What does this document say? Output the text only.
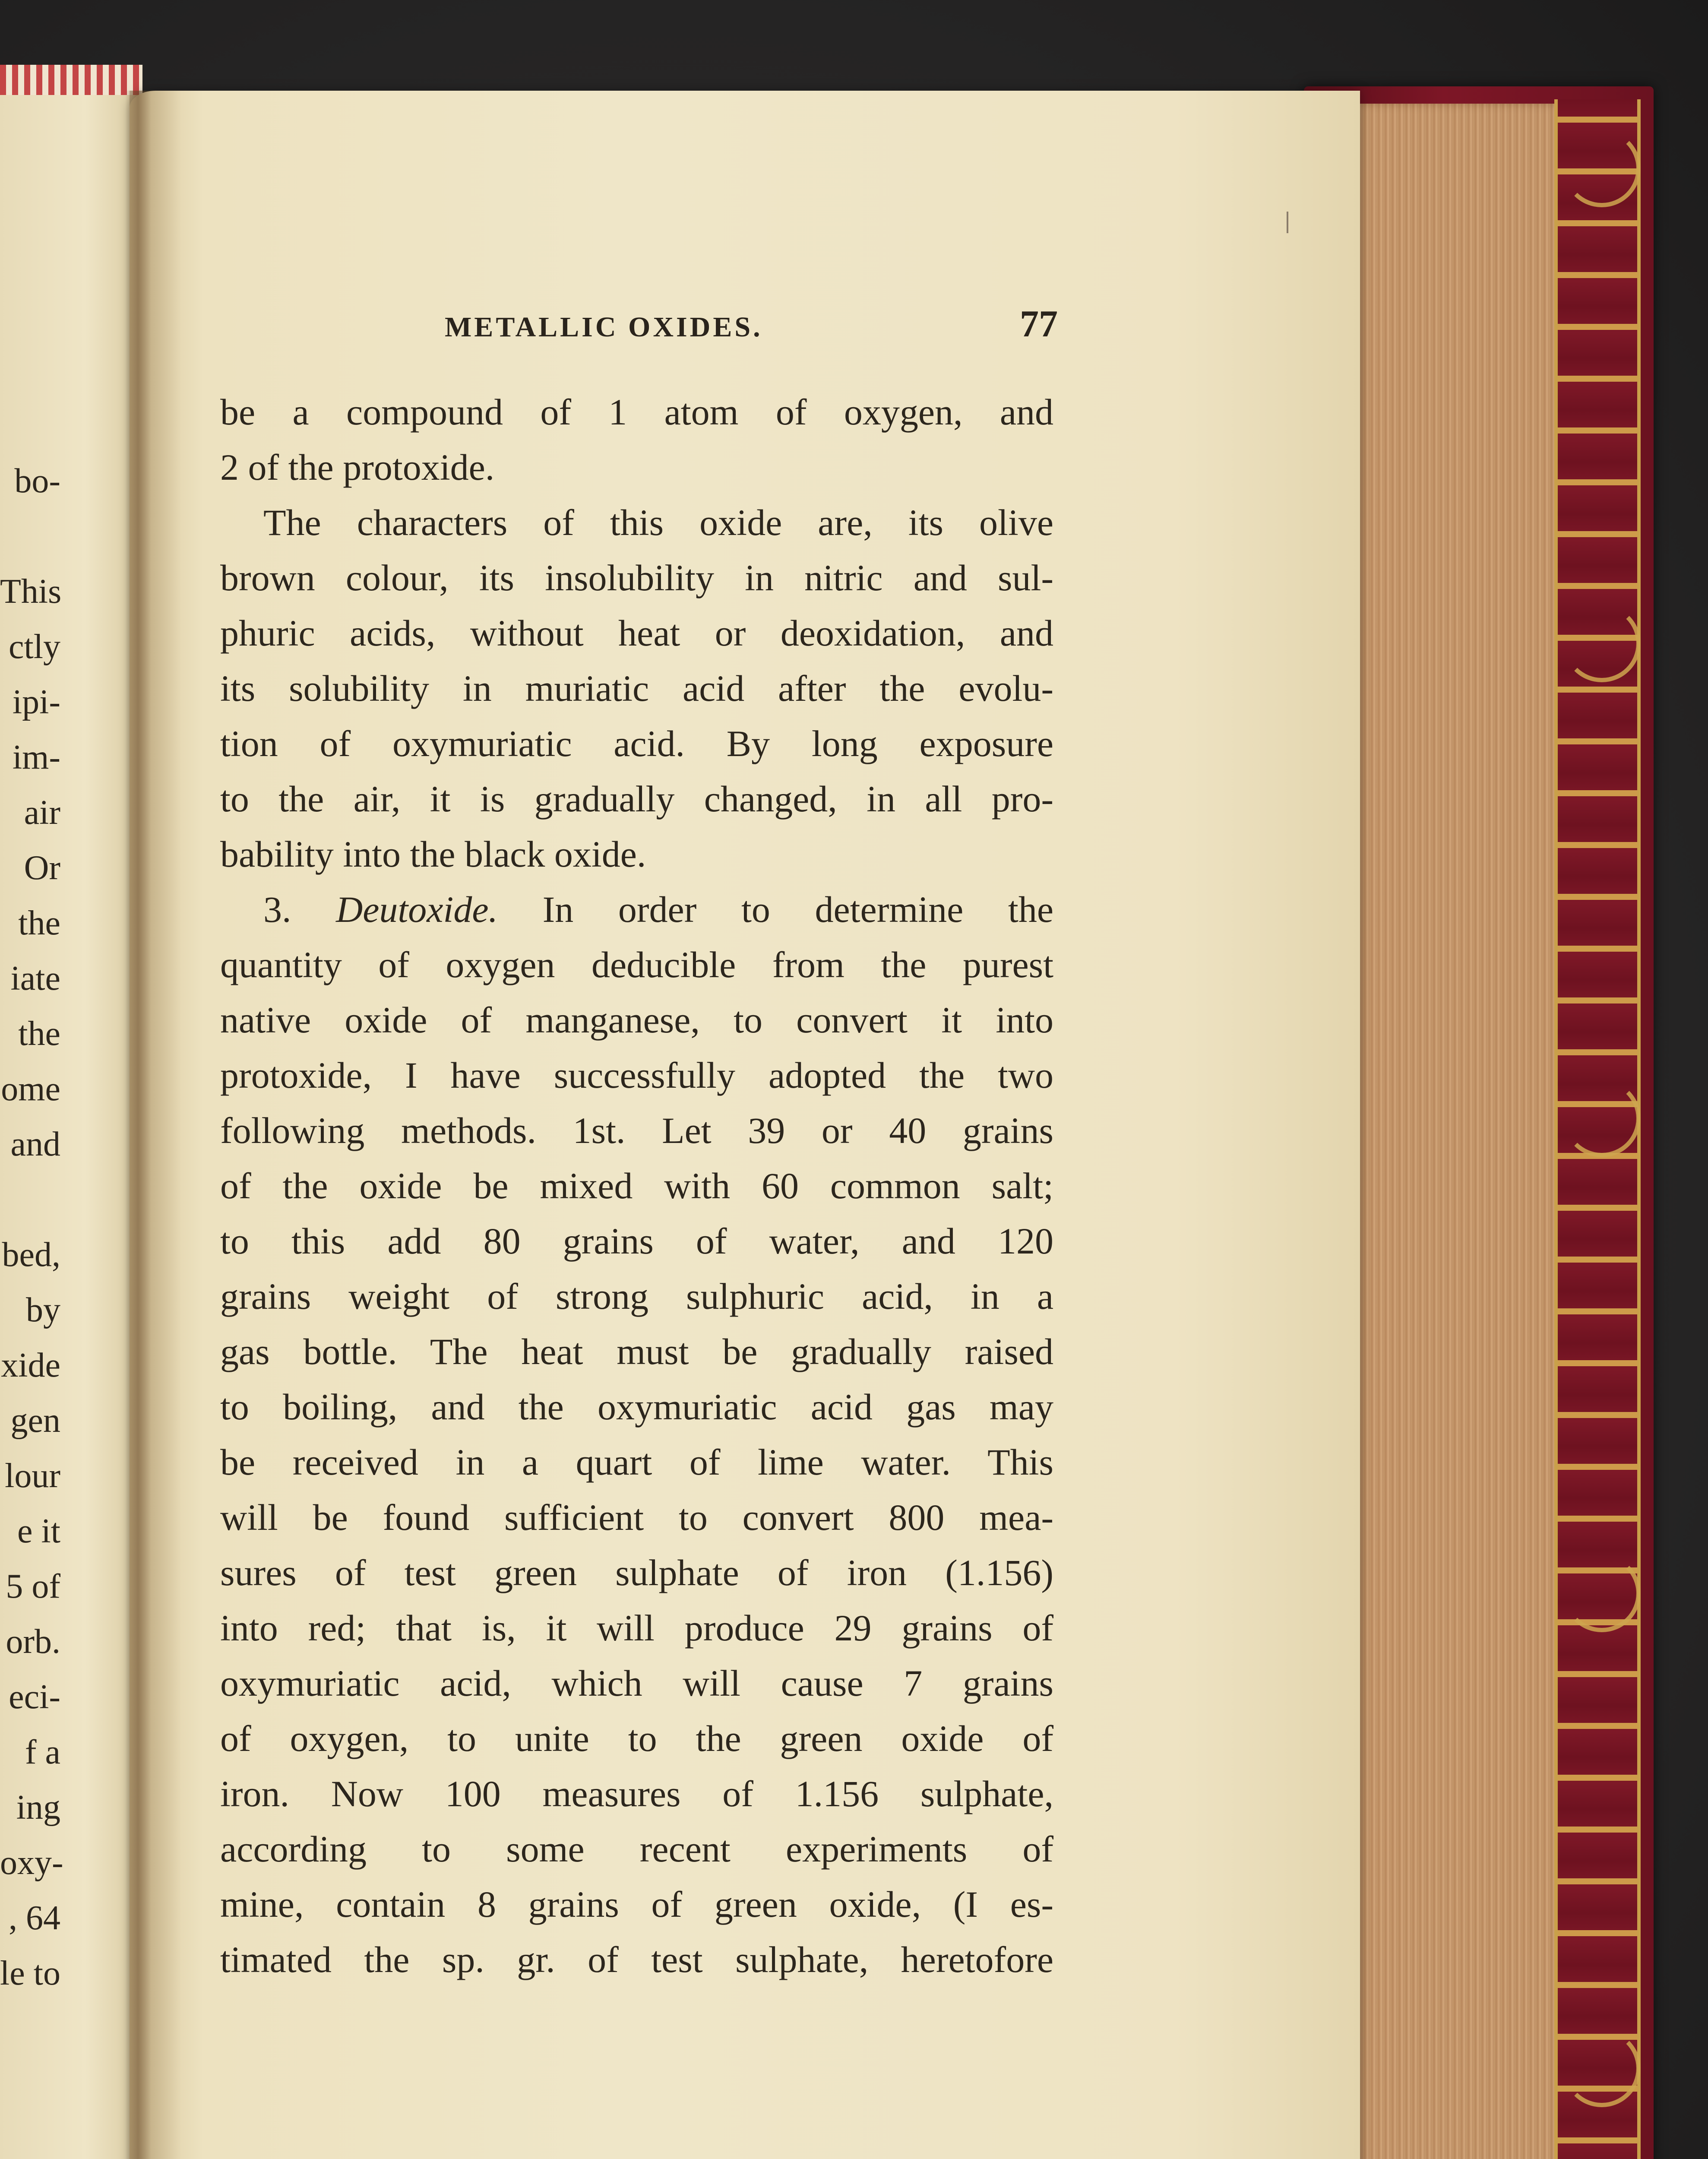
bo-

This
ctly
ipi-
im-
air
Or
the
iate
the
ome
and

bed,
by
xide
gen
lour
e it
5 of
orb.
eci-
f a
ing
oxy-
, 64
le to
METALLIC OXIDES.	77
be a compound of 1 atom of oxygen, and
2 of the protoxide.
The characters of this oxide are, its olive
brown colour, its insolubility in nitric and sul-
phuric acids, without heat or deoxidation, and
its solubility in muriatic acid after the evolu-
tion of oxymuriatic acid. By long exposure
to the air, it is gradually changed, in all pro-
bability into the black oxide.
3. Deutoxide. In order to determine the
quantity of oxygen deducible from the purest
native oxide of manganese, to convert it into
protoxide, I have successfully adopted the two
following methods. 1st. Let 39 or 40 grains
of the oxide be mixed with 60 common salt;
to this add 80 grains of water, and 120
grains weight of strong sulphuric acid, in a
gas bottle. The heat must be gradually raised
to boiling, and the oxymuriatic acid gas may
be received in a quart of lime water. This
will be found sufficient to convert 800 mea-
sures of test green sulphate of iron (1.156)
into red; that is, it will produce 29 grains of
oxymuriatic acid, which will cause 7 grains
of oxygen, to unite to the green oxide of
iron. Now 100 measures of 1.156 sulphate,
according to some recent experiments of
mine, contain 8 grains of green oxide, (I es-
timated the sp. gr. of test sulphate, heretofore
